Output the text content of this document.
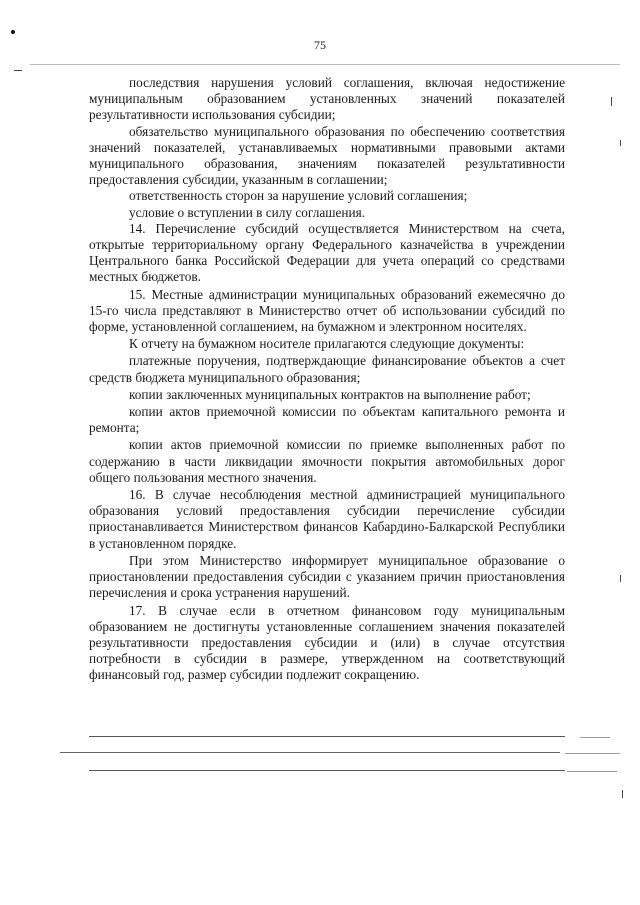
75

последствия нарушения условий соглашения, включая недостижение муниципальным образованием установленных значений показателей результативности использования субсидии;

обязательство муниципального образования по обеспечению соответствия значений показателей, устанавливаемых нормативными правовыми актами муниципального образования, значениям показателей результативности предоставления субсидии, указанным в соглашении;

ответственность сторон за нарушение условий соглашения;

условие о вступлении в силу соглашения.

14. Перечисление субсидий осуществляется Министерством на счета, открытые территориальному органу Федерального казначейства в учреждении Центрального банка Российской Федерации для учета операций со средствами местных бюджетов.

15. Местные администрации муниципальных образований ежемесячно до 15-го числа представляют в Министерство отчет об использовании субсидий по форме, установленной соглашением, на бумажном и электронном носителях.

К отчету на бумажном носителе прилагаются следующие документы:

платежные поручения, подтверждающие финансирование объектов а счет средств бюджета муниципального образования;

копии заключенных муниципальных контрактов на выполнение работ;

копии актов приемочной комиссии по объектам капитального ремонта и ремонта;

копии актов приемочной комиссии по приемке выполненных работ по содержанию в части ликвидации ямочности покрытия автомобильных дорог общего пользования местного значения.

16. В случае несоблюдения местной администрацией муниципального образования условий предоставления субсидии перечисление субсидии приостанавливается Министерством финансов Кабардино-Балкарской Республики в установленном порядке.

При этом Министерство информирует муниципальное образование о приостановлении предоставления субсидии с указанием причин приостановления перечисления и срока устранения нарушений.

17. В случае если в отчетном финансовом году муниципальным образованием не достигнуты установленные соглашением значения показателей результативности предоставления субсидии и (или) в случае отсутствия потребности в субсидии в размере, утвержденном на соответствующий финансовый год, размер субсидии подлежит сокращению.
